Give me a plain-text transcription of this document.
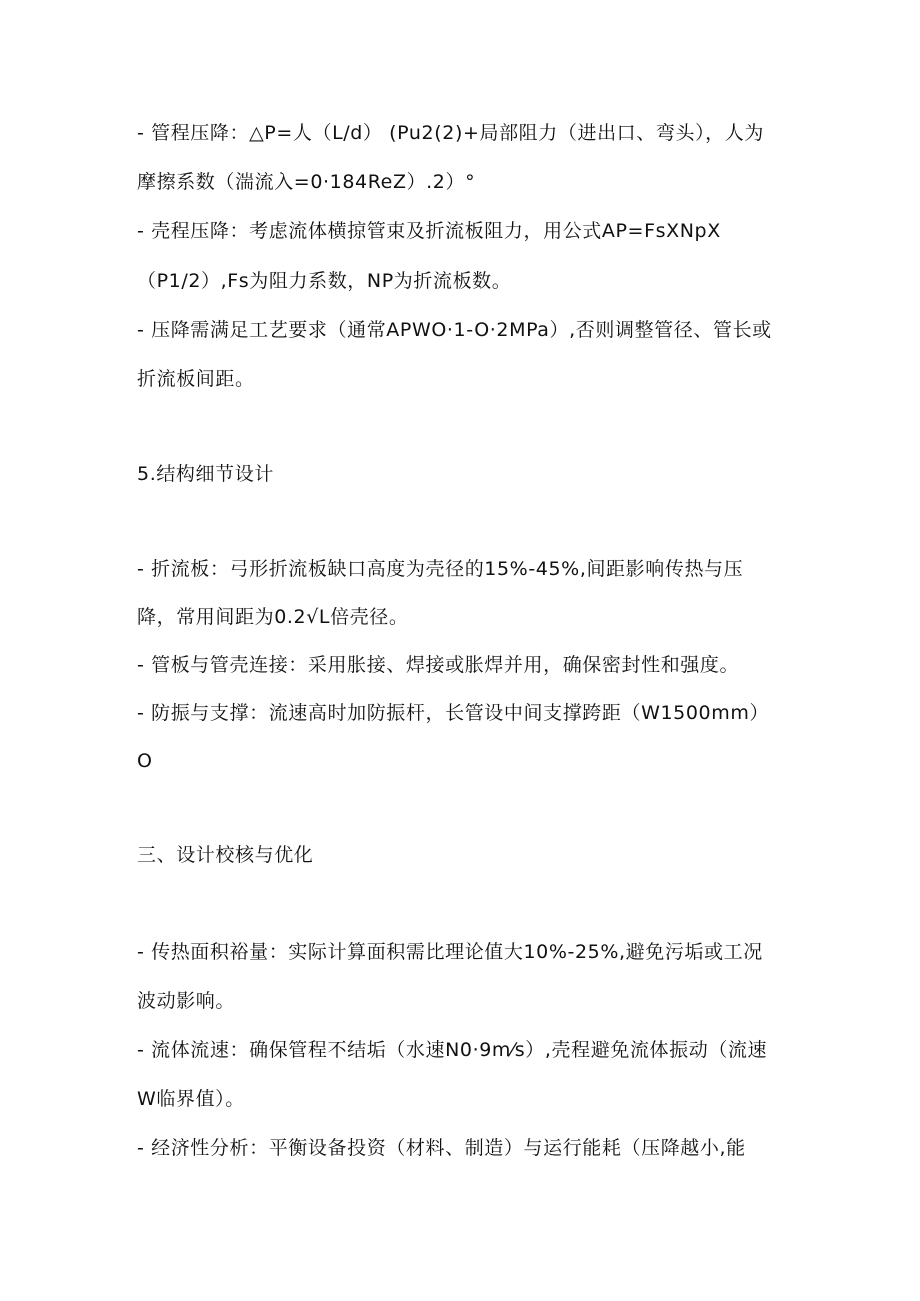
- 管程压降：△P=人（L/d） (Pu2(2)+局部阻力（进出口、弯头），人为
摩擦系数（湍流入=0·184ReZ）.2）°
- 壳程压降：考虑流体横掠管束及折流板阻力，用公式AP=FsXNpX
（P1/2）,Fs为阻力系数，NP为折流板数。
- 压降需满足工艺要求（通常APWO·1-O·2MPa）,否则调整管径、管长或
折流板间距。
5.结构细节设计
- 折流板：弓形折流板缺口高度为壳径的15%-45%,间距影响传热与压
降，常用间距为0.2√L倍壳径。
- 管板与管壳连接：采用胀接、焊接或胀焊并用，确保密封性和强度。
- 防振与支撑：流速高时加防振杆，长管设中间支撑跨距（W1500mm）
O
三、设计校核与优化
- 传热面积裕量：实际计算面积需比理论值大10%-25%,避免污垢或工况
波动影响。
- 流体流速：确保管程不结垢（水速N0·9m⁄s）,壳程避免流体振动（流速
W临界值）。
- 经济性分析：平衡设备投资（材料、制造）与运行能耗（压降越小,能
